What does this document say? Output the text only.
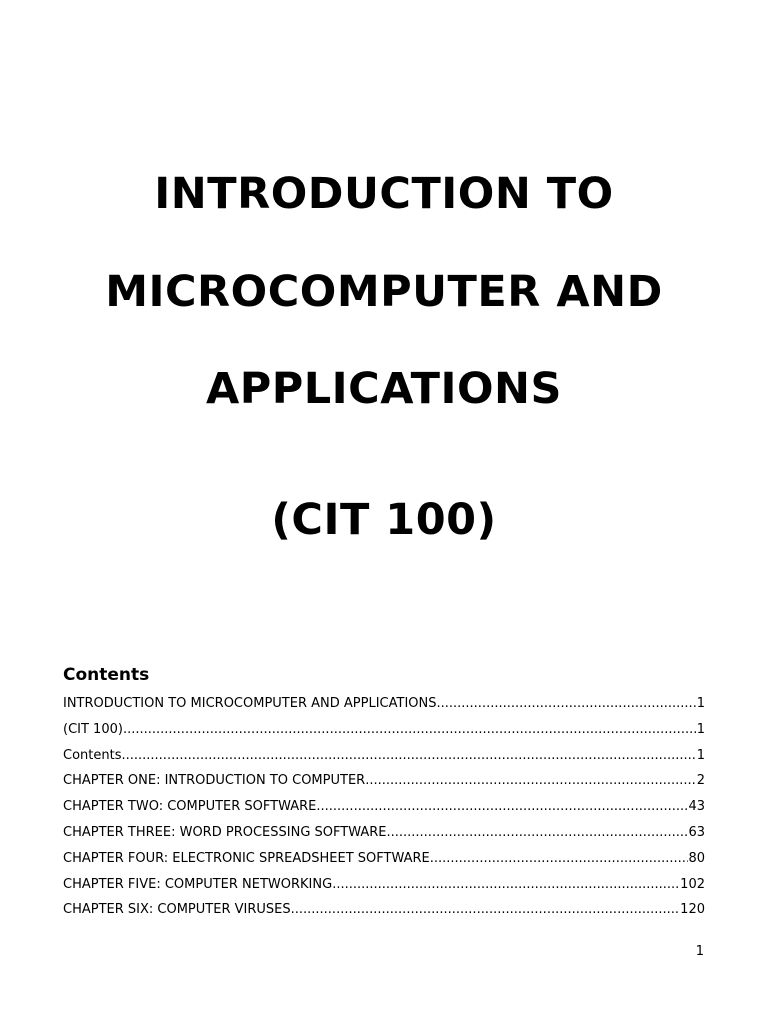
INTRODUCTION TO
MICROCOMPUTER AND
APPLICATIONS
(CIT 100)
Contents
INTRODUCTION TO MICROCOMPUTER AND APPLICATIONS .....	1
(CIT 100) .....	1
Contents .....	1
CHAPTER ONE: INTRODUCTION TO COMPUTER .....	2
CHAPTER TWO: COMPUTER SOFTWARE .....	43
CHAPTER THREE: WORD PROCESSING SOFTWARE .....	63
CHAPTER FOUR: ELECTRONIC SPREADSHEET SOFTWARE .....	80
CHAPTER FIVE: COMPUTER NETWORKING .....	102
CHAPTER SIX: COMPUTER VIRUSES .....	120
1
